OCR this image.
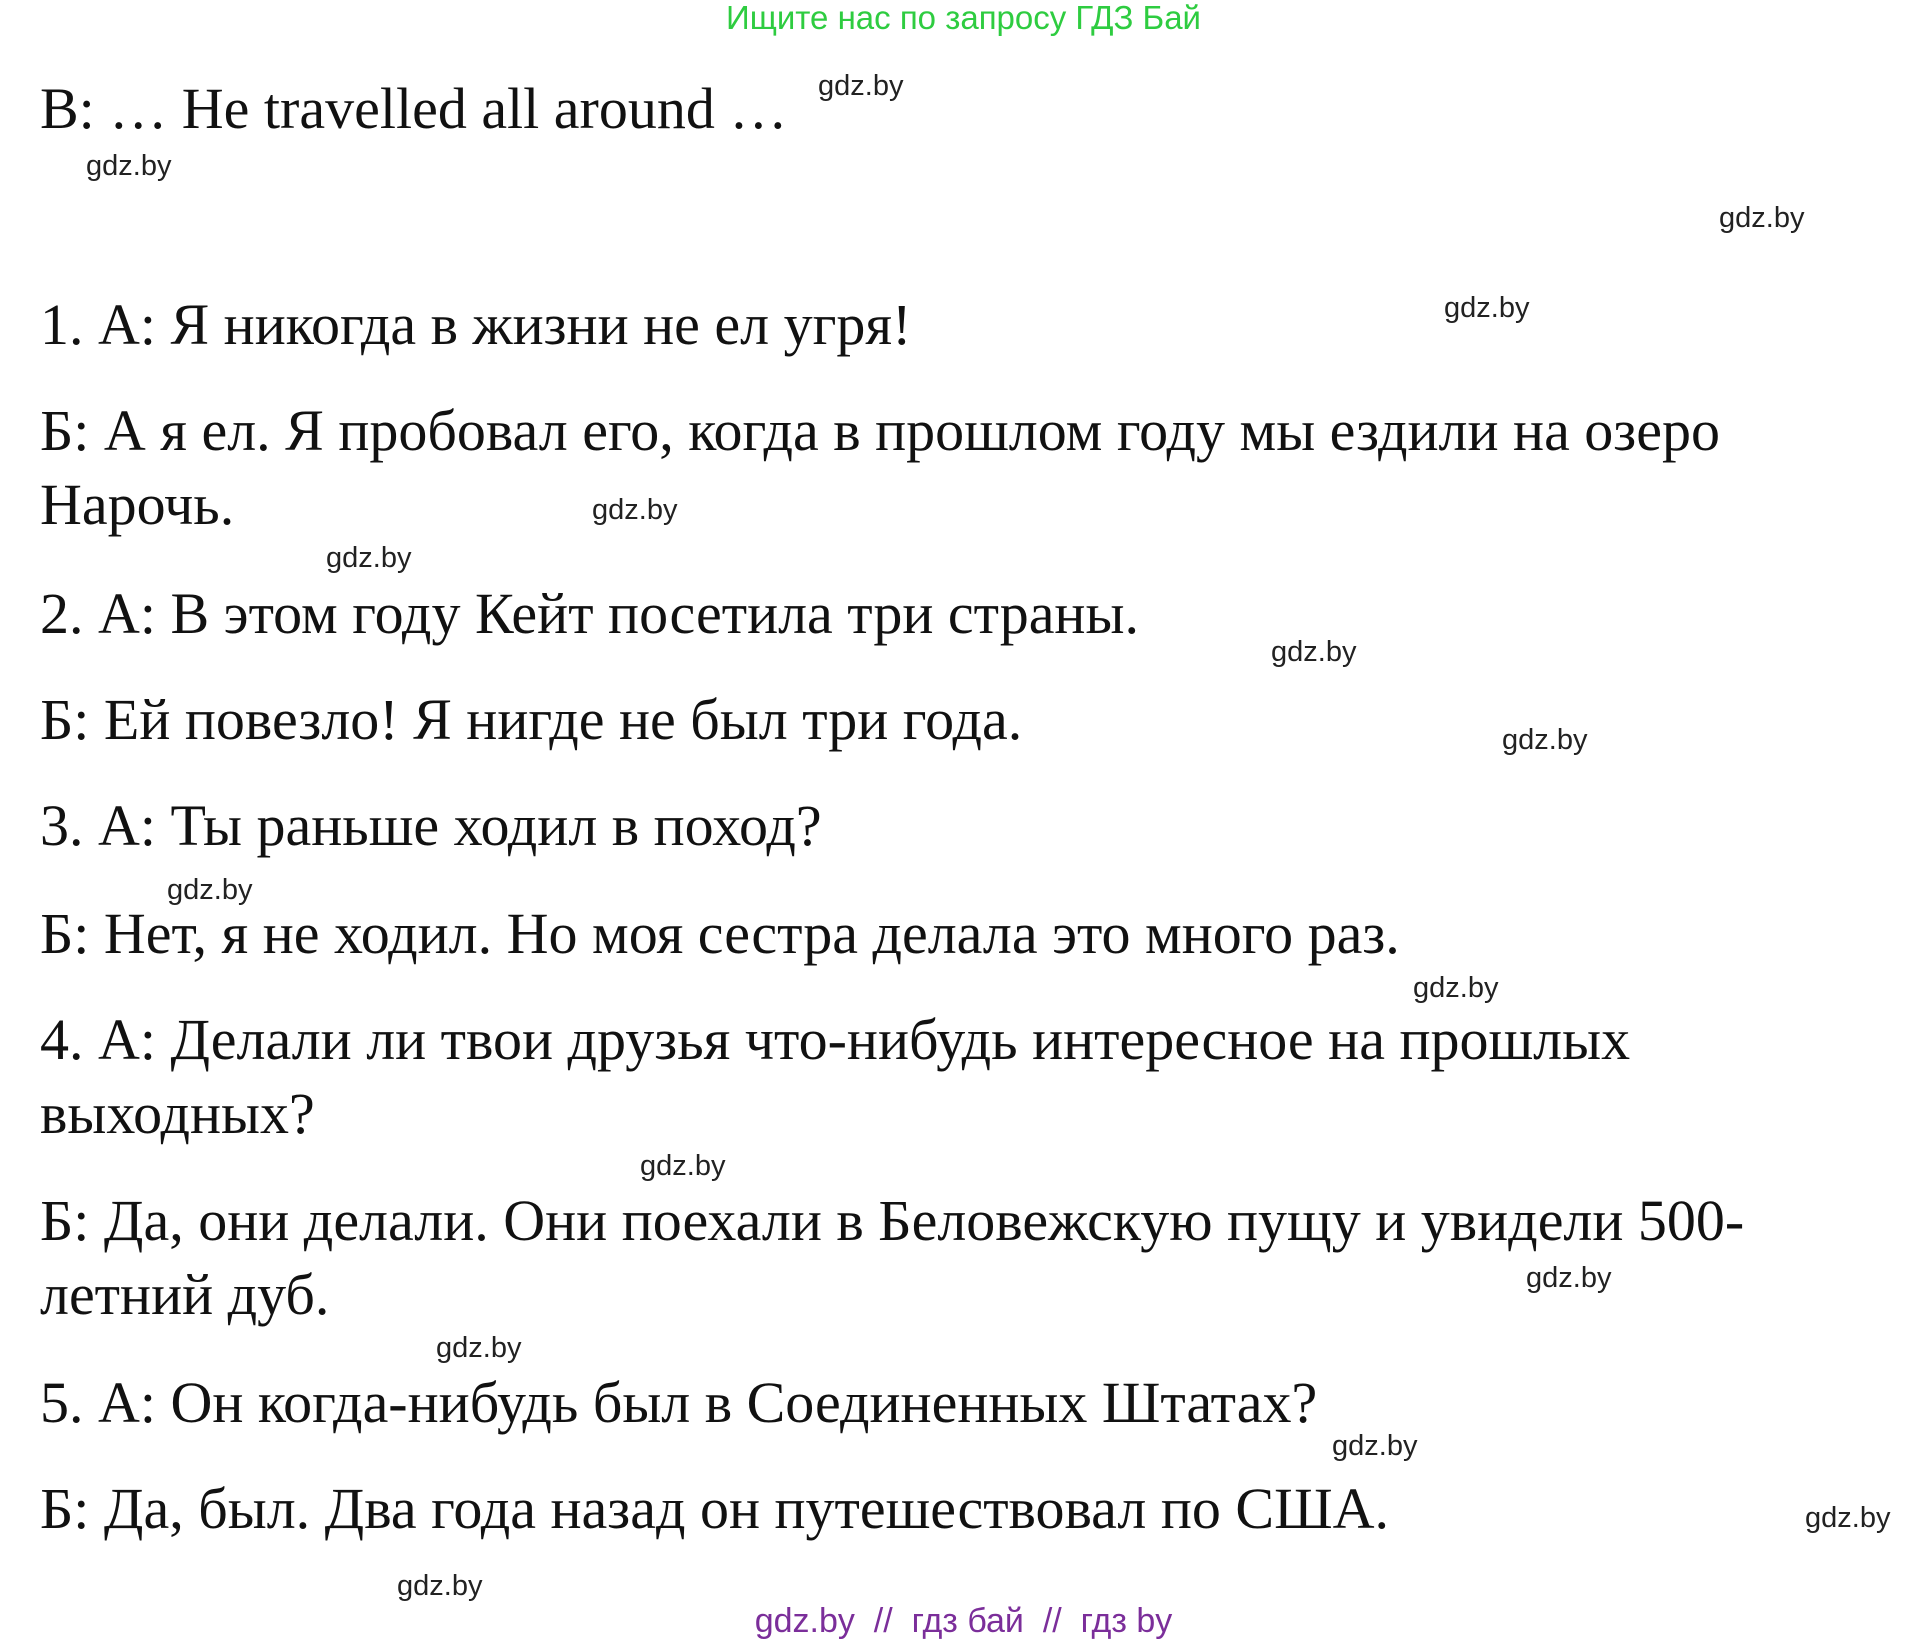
Ищите нас по запросу ГДЗ Бай
B: … He travelled all around …
1. А: Я никогда в жизни не ел угря!
Б: А я ел. Я пробовал его, когда в прошлом году мы ездили на озеро
Нарочь.
2. А: В этом году Кейт посетила три страны.
Б: Ей повезло! Я нигде не был три года.
3. А: Ты раньше ходил в поход?
Б: Нет, я не ходил. Но моя сестра делала это много раз.
4. А: Делали ли твои друзья что-нибудь интересное на прошлых
выходных?
Б: Да, они делали. Они поехали в Беловежскую пущу и увидели 500-
летний дуб.
5. А: Он когда-нибудь был в Соединенных Штатах?
Б: Да, был. Два года назад он путешествовал по США.
gdz.by
gdz.by
gdz.by
gdz.by
gdz.by
gdz.by
gdz.by
gdz.by
gdz.by
gdz.by
gdz.by
gdz.by
gdz.by
gdz.by
gdz.by
gdz.by
gdz.by  //  гдз бай  //  гдз by
